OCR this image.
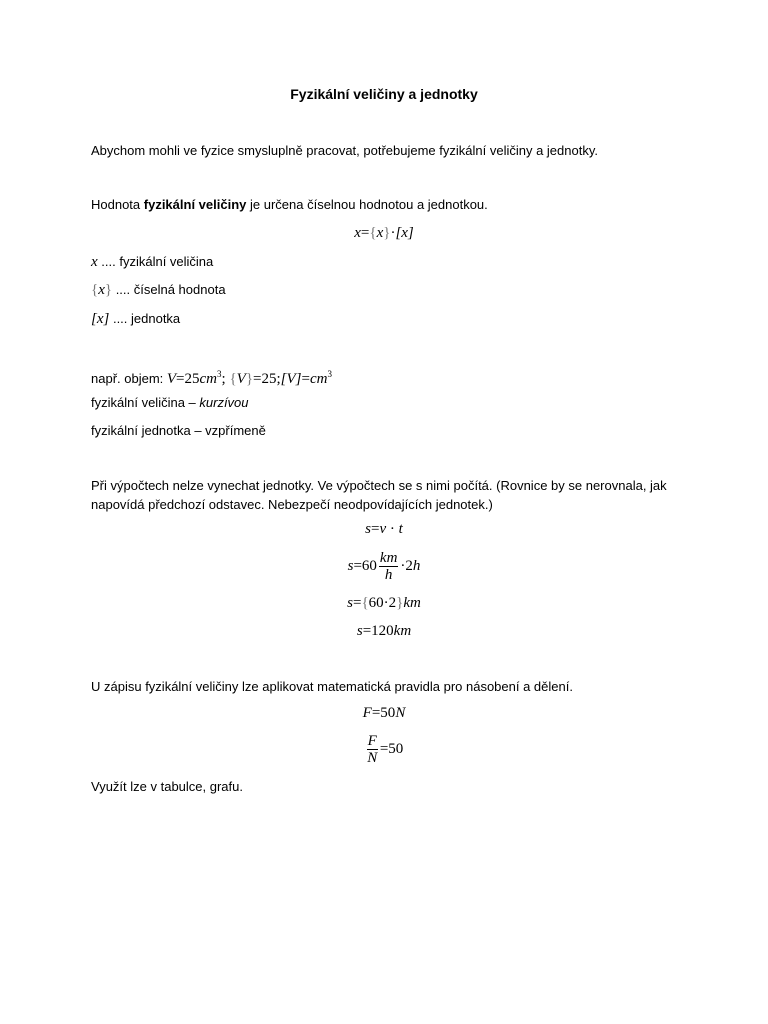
Fyzikální veličiny a jednotky
Abychom mohli ve fyzice smysluplně pracovat, potřebujeme fyzikální veličiny a jednotky.
Hodnota fyzikální veličiny je určena číselnou hodnotou a jednotkou.
x={x}·[x]
x .... fyzikální veličina
{x} .... číselná hodnota
[x] .... jednotka
např. objem: $V=25cm^3$; $\{V\}=25;[V]=cm^3$
fyzikální veličina – kurzívou
fyzikální jednotka – vzpřímeně
Při výpočtech nelze vynechat jednotky. Ve výpočtech se s nimi počítá. (Rovnice by se nerovnala, jak napovídá předchozí odstavec. Nebezpečí neodpovídajících jednotek.)
s=v · t
$s=60 \frac{km}{h} \cdot 2h$
s={60·2}km
s=120km
U zápisu fyzikální veličiny lze aplikovat matematická pravidla pro násobení a dělení.
F=50N
$\frac{F}{N} =50$
Využít lze v tabulce, grafu.
